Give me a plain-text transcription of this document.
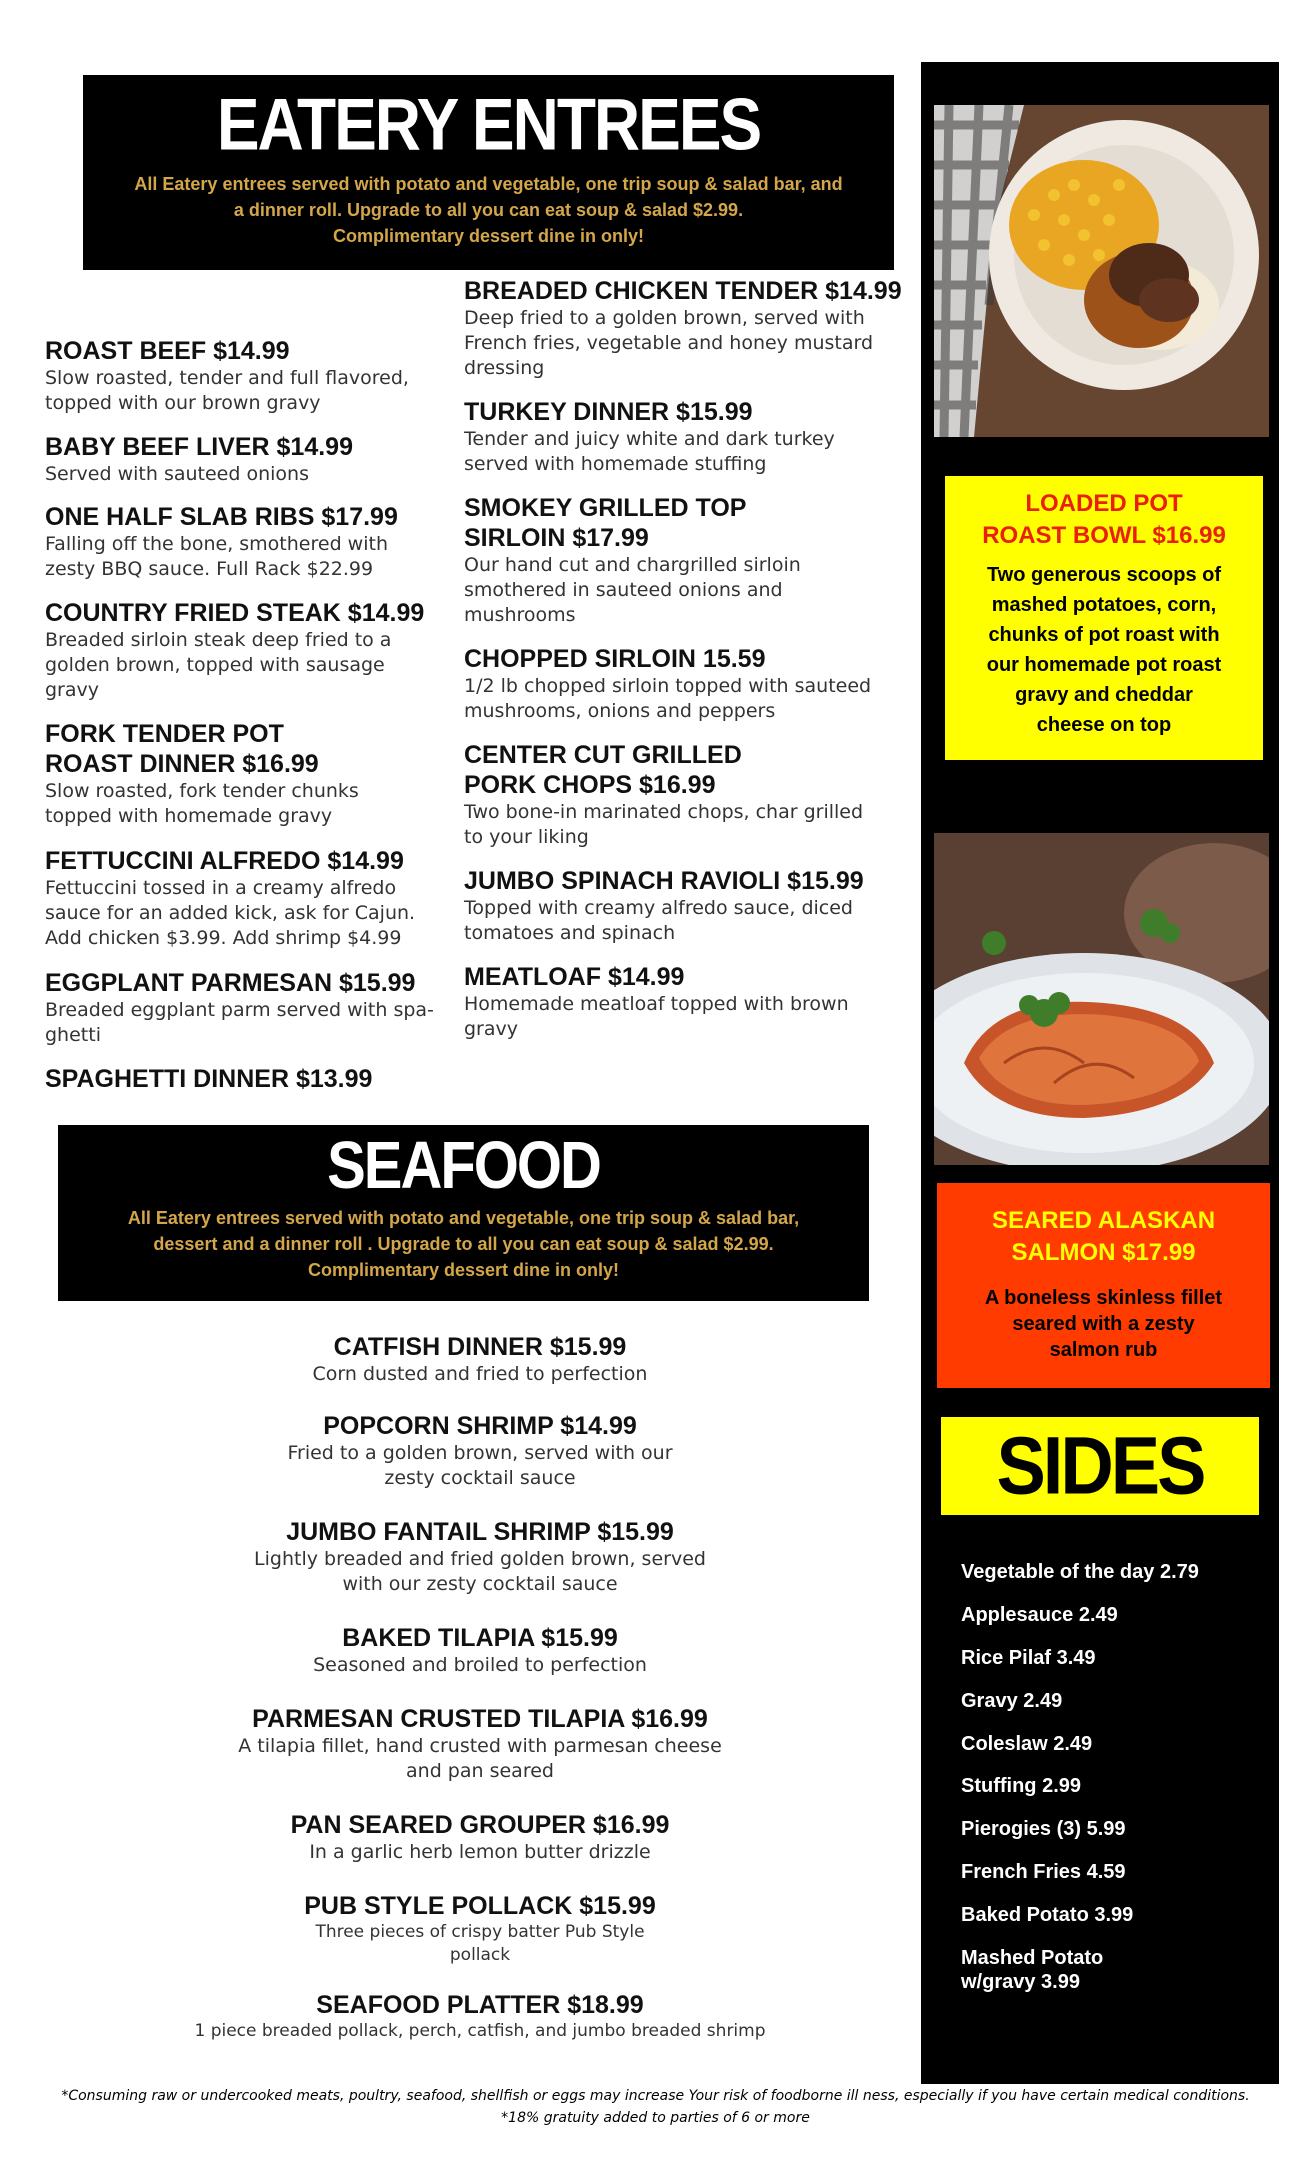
EATERY ENTREES
All Eatery entrees served with potato and vegetable, one trip soup & salad bar, and
a dinner roll. Upgrade to all you can eat soup & salad $2.99.
Complimentary dessert dine in only!
ROAST BEEF $14.99
Slow roasted, tender and full flavored,
topped with our brown gravy
BABY BEEF LIVER $14.99
Served with sauteed onions
ONE HALF SLAB RIBS $17.99
Falling off the bone, smothered with
zesty BBQ sauce. Full Rack $22.99
COUNTRY FRIED STEAK $14.99
Breaded sirloin steak deep fried to a
golden brown, topped with sausage
gravy
FORK TENDER POT
ROAST DINNER $16.99
Slow roasted, fork tender chunks
topped with homemade gravy
FETTUCCINI ALFREDO $14.99
Fettuccini tossed in a creamy alfredo
sauce for an added kick, ask for Cajun.
Add chicken $3.99. Add shrimp $4.99
EGGPLANT PARMESAN $15.99
Breaded eggplant parm served with spa-
ghetti
SPAGHETTI DINNER $13.99
BREADED CHICKEN TENDER $14.99
Deep fried to a golden brown, served with
French fries, vegetable and honey mustard
dressing
TURKEY DINNER $15.99
Tender and juicy white and dark turkey
served with homemade stuffing
SMOKEY GRILLED TOP
SIRLOIN $17.99
Our hand cut and chargrilled sirloin
smothered in sauteed onions and
mushrooms
CHOPPED SIRLOIN 15.59
1/2 lb chopped sirloin topped with sauteed
mushrooms, onions and peppers
CENTER CUT GRILLED
PORK CHOPS $16.99
Two bone-in marinated chops, char grilled
to your liking
JUMBO SPINACH RAVIOLI $15.99
Topped with creamy alfredo sauce, diced
tomatoes and spinach
MEATLOAF $14.99
Homemade meatloaf topped with brown
gravy
SEAFOOD
All Eatery entrees served with potato and vegetable, one trip soup & salad bar,
dessert and a dinner roll . Upgrade to all you can eat soup & salad $2.99.
Complimentary dessert dine in only!
CATFISH DINNER $15.99
Corn dusted and fried to perfection
POPCORN SHRIMP $14.99
Fried to a golden brown, served with our
zesty cocktail sauce
JUMBO FANTAIL SHRIMP $15.99
Lightly breaded and fried golden brown, served
with our zesty cocktail sauce
BAKED TILAPIA $15.99
Seasoned and broiled to perfection
PARMESAN CRUSTED TILAPIA $16.99
A tilapia fillet, hand crusted with parmesan cheese
and pan seared
PAN SEARED GROUPER $16.99
In a garlic herb lemon butter drizzle
PUB STYLE POLLACK $15.99
Three pieces of crispy batter Pub Style
pollack
SEAFOOD PLATTER $18.99
1 piece breaded pollack, perch, catfish, and jumbo breaded shrimp
LOADED POT
ROAST BOWL $16.99
Two generous scoops of
mashed potatoes, corn,
chunks of pot roast with
our homemade pot roast
gravy and cheddar
cheese on top
SEARED ALASKAN
SALMON $17.99
A boneless skinless fillet
seared with a zesty
salmon rub
SIDES
Vegetable of the day 2.79
Applesauce 2.49
Rice Pilaf 3.49
Gravy 2.49
Coleslaw 2.49
Stuffing 2.99
Pierogies (3) 5.99
French Fries 4.59
Baked Potato 3.99
Mashed Potato
w/gravy 3.99
*Consuming raw or undercooked meats, poultry, seafood, shellfish or eggs may increase Your risk of foodborne ill ness, especially if you have certain medical conditions.
*18% gratuity added to parties of 6 or more
